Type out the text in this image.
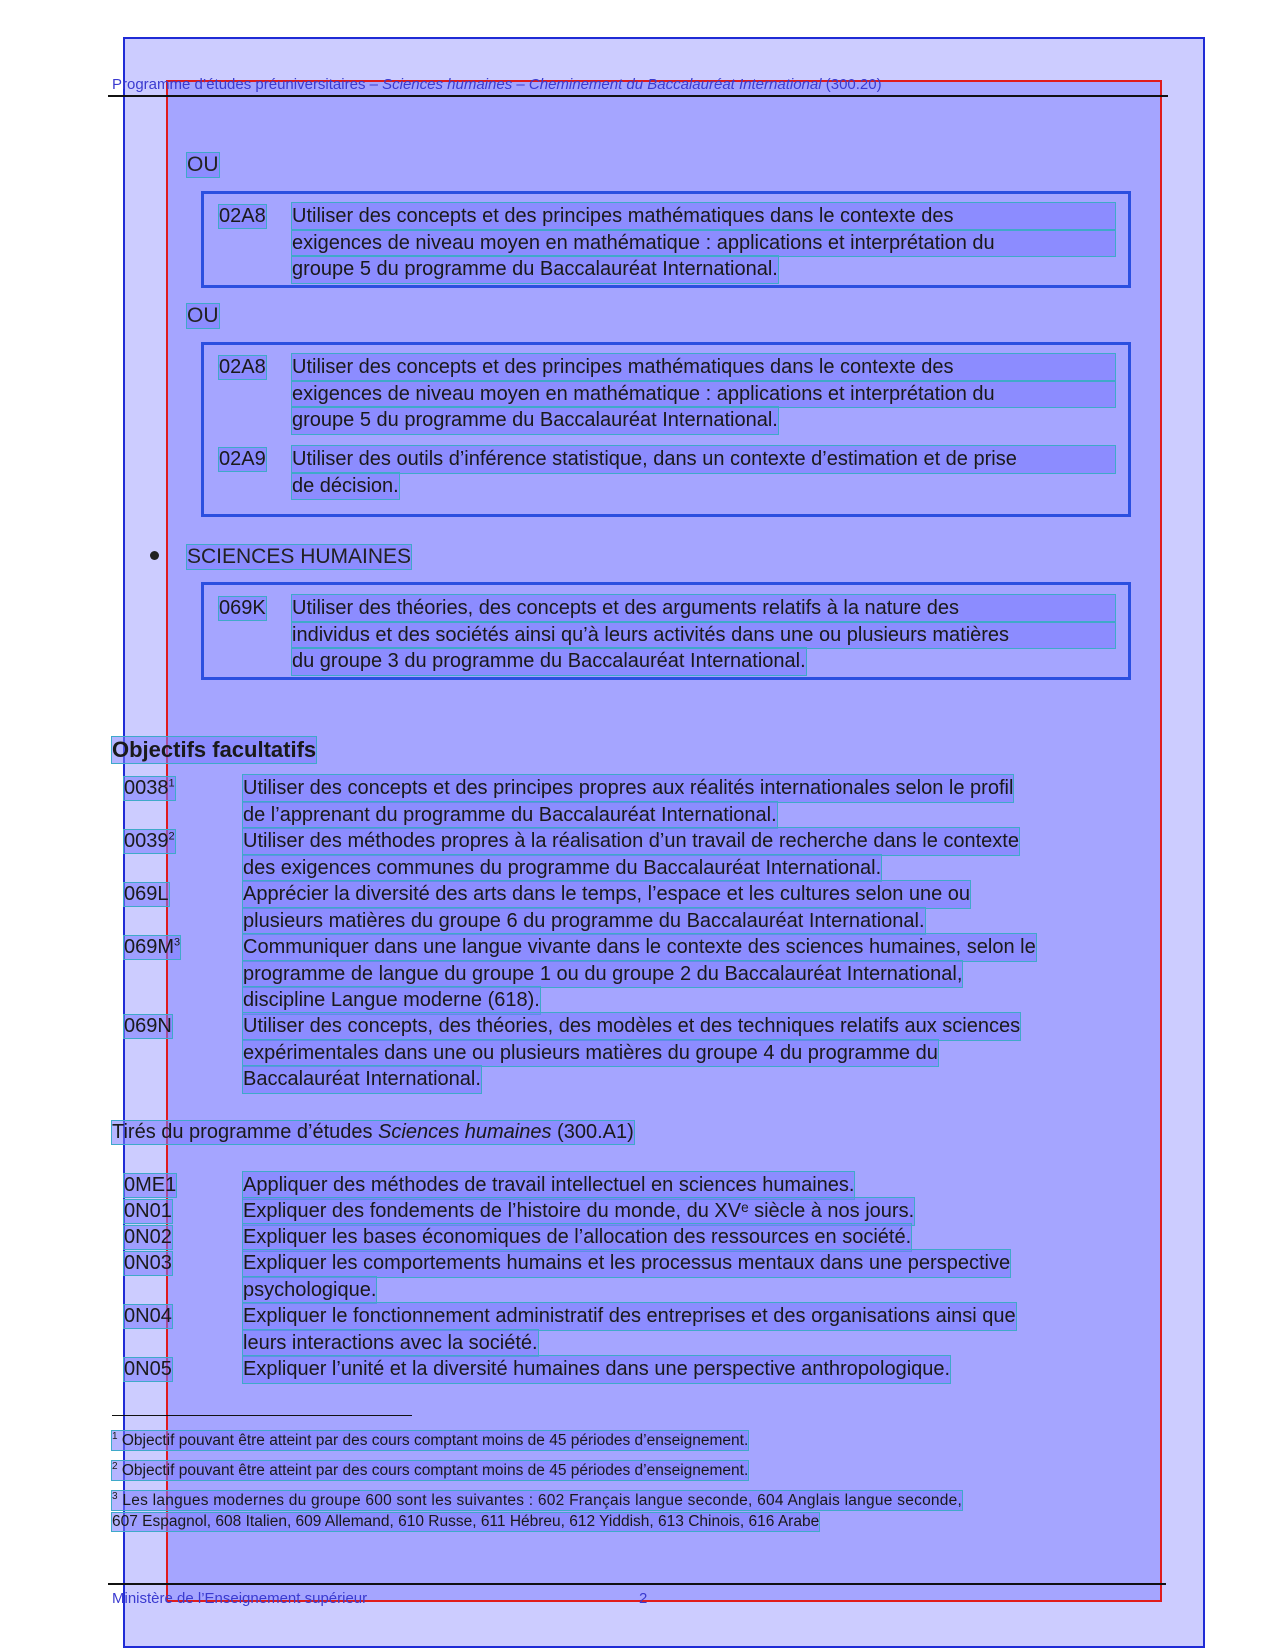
Programme d’études préuniversitaires – Sciences humaines – Cheminement du Baccalauréat International (300.20)
OU
02A8 Utiliser des concepts et des principes mathématiques dans le contexte des
exigences de niveau moyen en mathématique : applications et interprétation du
groupe 5 du programme du Baccalauréat International.
OU
02A8 Utiliser des concepts et des principes mathématiques dans le contexte des
exigences de niveau moyen en mathématique : applications et interprétation du
groupe 5 du programme du Baccalauréat International.
02A9 Utiliser des outils d’inférence statistique, dans un contexte d’estimation et de prise
de décision.
SCIENCES HUMAINES
069K Utiliser des théories, des concepts et des arguments relatifs à la nature des
individus et des sociétés ainsi qu’à leurs activités dans une ou plusieurs matières
du groupe 3 du programme du Baccalauréat International.
Objectifs facultatifs
0038$^1$	Utiliser des concepts et des principes propres aux réalités internationales selon le profil
de l’apprenant du programme du Baccalauréat International.
0039$^2$	Utiliser des méthodes propres à la réalisation d’un travail de recherche dans le contexte
des exigences communes du programme du Baccalauréat International.
069L	Apprécier la diversité des arts dans le temps, l’espace et les cultures selon une ou
plusieurs matières du groupe 6 du programme du Baccalauréat International.
$069M^3$	Communiquer dans une langue vivante dans le contexte des sciences humaines, selon le
programme de langue du groupe 1 ou du groupe 2 du Baccalauréat International,
discipline Langue moderne (618).
069N	Utiliser des concepts, des théories, des modèles et des techniques relatifs aux sciences
expérimentales dans une ou plusieurs matières du groupe 4 du programme du
Baccalauréat International.
Tirés du programme d’études Sciences humaines (300.A1)
0ME1	Appliquer des méthodes de travail intellectuel en sciences humaines.
0N01	Expliquer des fondements de l’histoire du monde, du XVᵉ siècle à nos jours.
0N02	Expliquer les bases économiques de l’allocation des ressources en société.
0N03	Expliquer les comportements humains et les processus mentaux dans une perspective
psychologique.
0N04	Expliquer le fonctionnement administratif des entreprises et des organisations ainsi que
leurs interactions avec la société.
0N05	Expliquer l’unité et la diversité humaines dans une perspective anthropologique.
$^1$ Objectif pouvant être atteint par des cours comptant moins de 45 périodes d’enseignement.
$^2$ Objectif pouvant être atteint par des cours comptant moins de 45 périodes d’enseignement.
$^3$ Les langues modernes du groupe 600 sont les suivantes : 602 Français langue seconde, 604 Anglais langue seconde,
607 Espagnol, 608 Italien, 609 Allemand, 610 Russe, 611 Hébreu, 612 Yiddish, 613 Chinois, 616 Arabe
Ministère de l’Enseignement supérieur	2
